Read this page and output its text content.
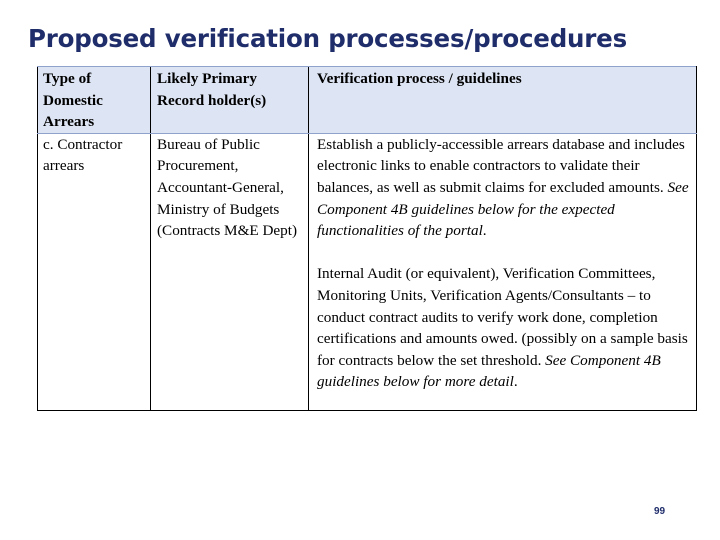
Proposed verification processes/procedures
Type of Domestic Arrears	Likely Primary Record holder(s)	Verification process / guidelines
c. Contractor arrears	Bureau of Public Procurement, Accountant-General, Ministry of Budgets (Contracts M&E Dept)	Establish a publicly-accessible arrears database and includes electronic links to enable contractors to validate their balances, as well as submit claims for excluded amounts. See Component 4B guidelines below for the expected functionalities of the portal.
Internal Audit (or equivalent), Verification Committees, Monitoring Units, Verification Agents/Consultants – to conduct contract audits to verify work done, completion certifications and amounts owed. (possibly on a sample basis for contracts below the set threshold. See Component 4B guidelines below for more detail.
99
